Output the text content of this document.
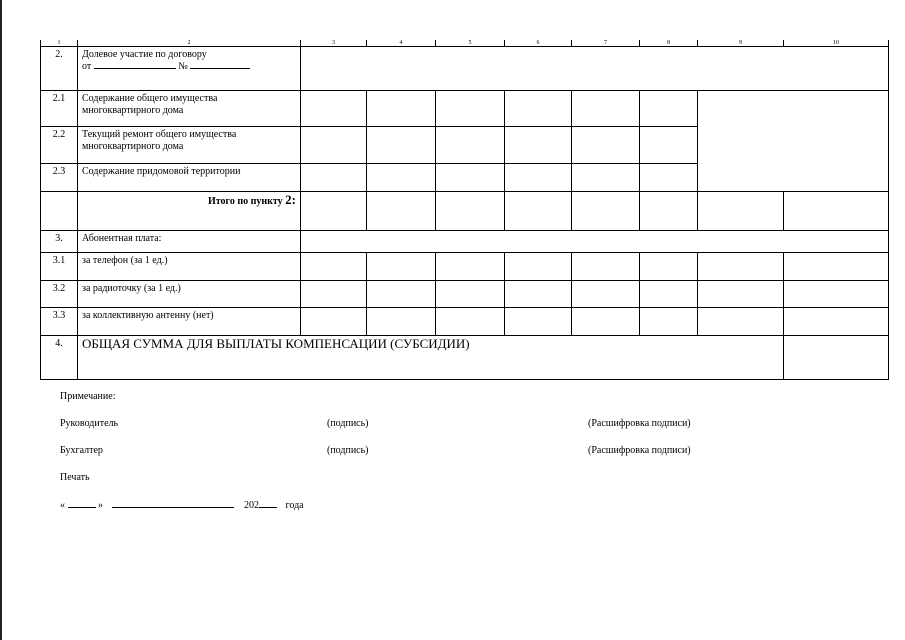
1	2	3	4	5	6	7	8	9	10
2.	Долевое участие по договору
от №								

2.1	Содержание общего имущества многоквартирного дома								
2.2	Текущий ремонт общего имущества многоквартирного дома								
2.3	Содержание придомовой территории								
	Итого по пункту 2:								
3.	Абонентная плата:								
3.1	за телефон (за 1 ед.)								
3.2	за радиоточку (за 1 ед.)								
3.3	за коллективную антенну (нет)								
4.	ОБЩАЯ СУММА ДЛЯ ВЫПЛАТЫ КОМПЕНСАЦИИ (СУБСИДИИ)								
Примечание:
Руководитель	(подпись)	(Расшифровка подписи)
Бухгалтер	(подпись)	(Расшифровка подписи)
Печать
«	»	202	года
